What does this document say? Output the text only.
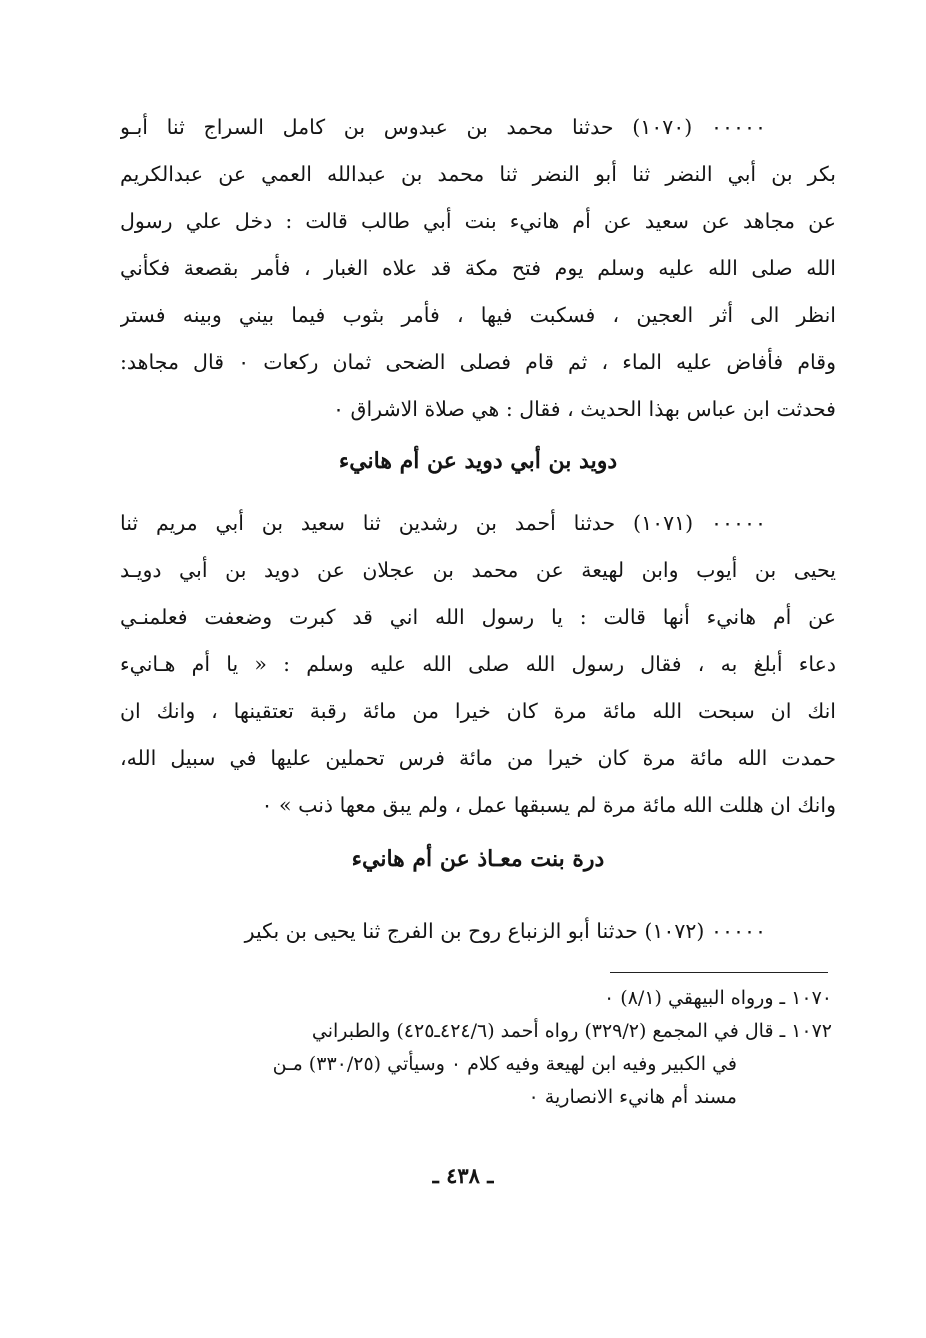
٠٠٠٠٠ (١٠٧٠) حدثنا محمد بن عبدوس بن كامل السراج ثنا أبـو
بكر بن أبي النضر ثنا أبو النضر ثنا محمد بن عبدالله العمي عن عبدالكريم
عن مجاهد عن سعيد عن أم هانيء بنت أبي طالب قالت : دخل علي رسول
الله صلى الله عليه وسلم يوم فتح مكة قد علاه الغبار ، فأمر بقصعة فكأني
انظر الى أثر العجين ، فسكبت فيها ، فأمر بثوب فيما بيني وبينه فستر
وقام فأفاض عليه الماء ، ثم قام فصلى الضحى ثمان ركعات ٠ قال مجاهد:
فحدثت ابن عباس بهذا الحديث ، فقال : هي صلاة الاشراق ٠
دويد بن أبي دويد عن أم هانيء
٠٠٠٠٠ (١٠٧١) حدثنا أحمد بن رشدين ثنا سعيد بن أبي مريم ثنا
يحيى بن أيوب وابن لهيعة عن محمد بن عجلان عن دويد بن أبي دويـد
عن أم هانيء أنها قالت : يا رسول الله اني قد كبرت وضعفت فعلمنـي
دعاء أبلغ به ، فقال رسول الله صلى الله عليه وسلم : « يا أم هـانيء
انك ان سبحت الله مائة مرة كان خيرا من مائة رقبة تعتقينها ، وانك ان
حمدت الله مائة مرة كان خيرا من مائة فرس تحملين عليها في سبيل الله،
وانك ان هللت الله مائة مرة لم يسبقها عمل ، ولم يبق معها ذنب » ٠
درة بنت معـاذ عن أم هانيء
٠٠٠٠٠ (١٠٧٢) حدثنا أبو الزنباع روح بن الفرج ثنا يحيى بن بكير
١٠٧٠ ـ ورواه البيهقي (٨/١) ٠
١٠٧٢ ـ قال في المجمع (٣٢٩/٢) رواه أحمد (٤٢٤/٦ـ٤٢٥) والطبراني
في الكبير وفيه ابن لهيعة وفيه كلام ٠ وسيأتي (٣٣٠/٢٥) مـن
مسند أم هانيء الانصارية ٠
ـ ٤٣٨ ـ
